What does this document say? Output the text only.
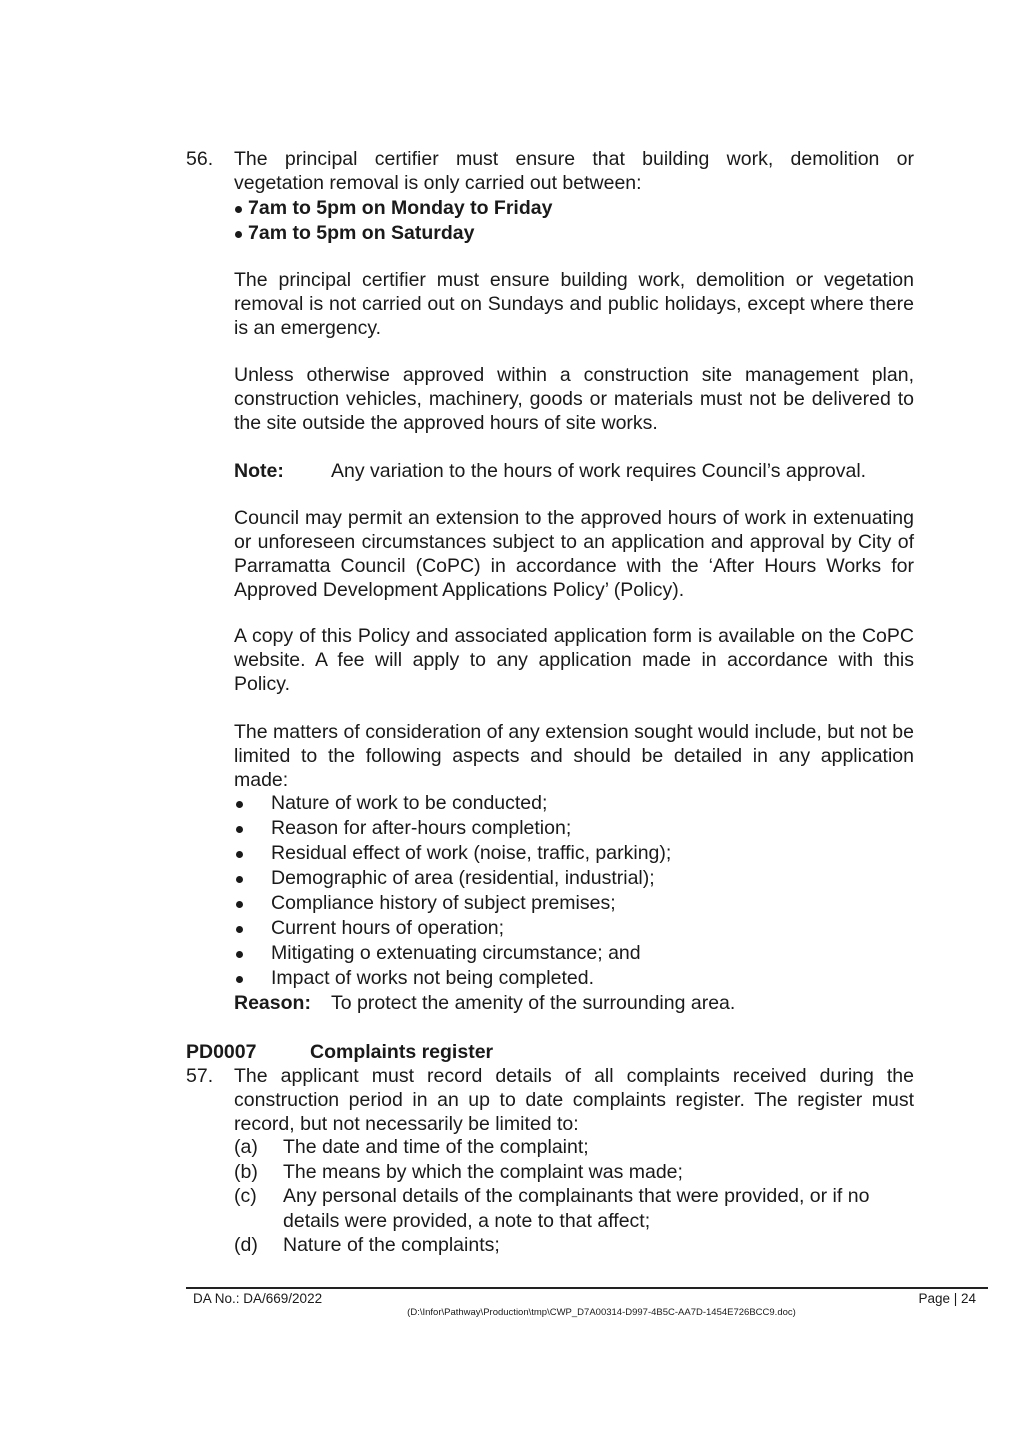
56. The principal certifier must ensure that building work, demolition or
vegetation removal is only carried out between:
7am to 5pm on Monday to Friday
7am to 5pm on Saturday
The principal certifier must ensure building work, demolition or vegetation removal is not carried out on Sundays and public holidays, except where there is an emergency.
Unless otherwise approved within a construction site management plan, construction vehicles, machinery, goods or materials must not be delivered to the site outside the approved hours of site works.
Note: Any variation to the hours of work requires Council’s approval.
Council may permit an extension to the approved hours of work in extenuating or unforeseen circumstances subject to an application and approval by City of Parramatta Council (CoPC) in accordance with the ‘After Hours Works for Approved Development Applications Policy’ (Policy).
A copy of this Policy and associated application form is available on the CoPC website. A fee will apply to any application made in accordance with this Policy.
The matters of consideration of any extension sought would include, but not be limited to the following aspects and should be detailed in any application made:
Nature of work to be conducted;
Reason for after-hours completion;
Residual effect of work (noise, traffic, parking);
Demographic of area (residential, industrial);
Compliance history of subject premises;
Current hours of operation;
Mitigating o extenuating circumstance; and
Impact of works not being completed.
Reason: To protect the amenity of the surrounding area.
PD0007	Complaints register
57. The applicant must record details of all complaints received during the construction period in an up to date complaints register. The register must record, but not necessarily be limited to:
(a) The date and time of the complaint;
(b) The means by which the complaint was made;
(c) Any personal details of the complainants that were provided, or if no details were provided, a note to that affect;
(d) Nature of the complaints;
DA No.: DA/669/2022	Page | 24
(D:\Infor\Pathway\Production\tmp\CWP_D7A00314-D997-4B5C-AA7D-1454E726BCC9.doc)
